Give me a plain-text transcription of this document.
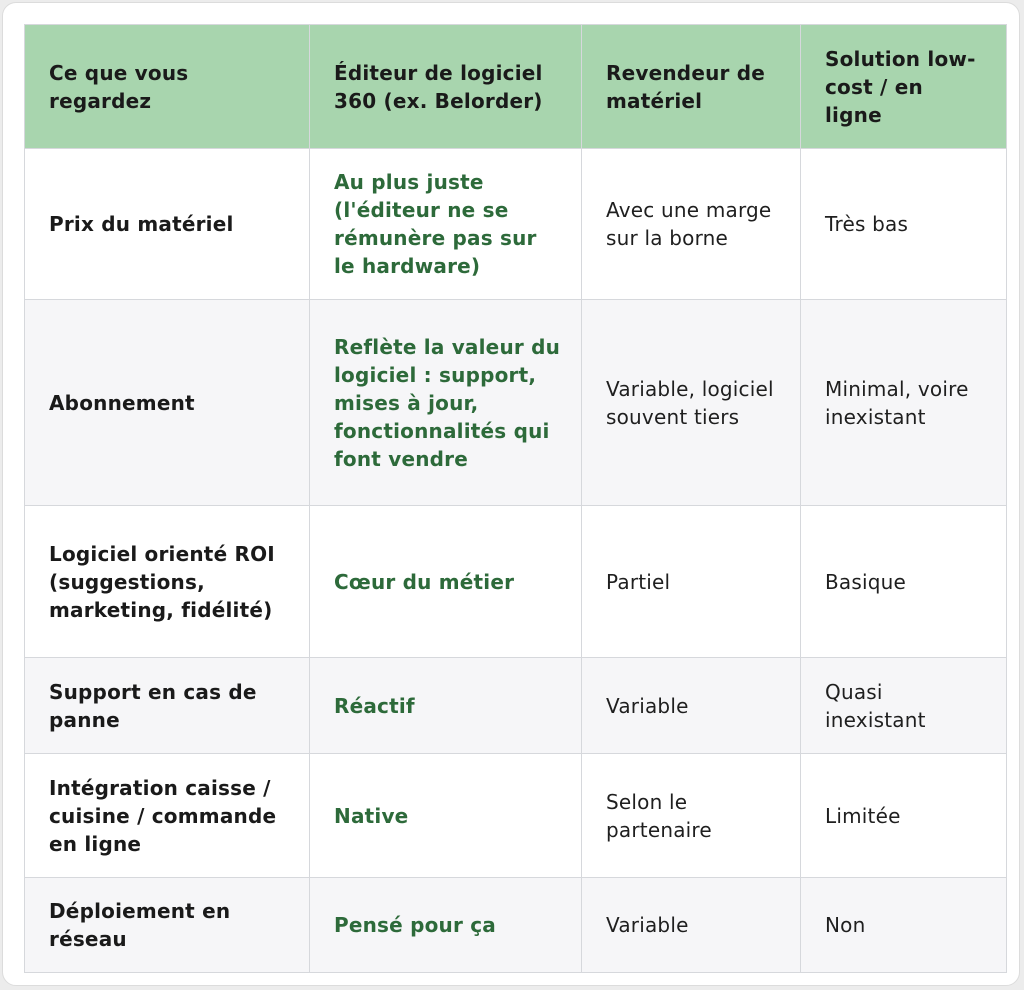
Ce que vous regardez	Éditeur de logiciel 360 (ex. Belorder)	Revendeur de matériel	Solution low-cost / en ligne
Prix du matériel	Au plus juste (l'éditeur ne se rémunère pas sur le hardware)	Avec une marge sur la borne	Très bas
Abonnement	Reflète la valeur du logiciel : support, mises à jour, fonctionnalités qui font vendre	Variable, logiciel souvent tiers	Minimal, voire inexistant
Logiciel orienté ROI (suggestions, marketing, fidélité)	Cœur du métier	Partiel	Basique
Support en cas de panne	Réactif	Variable	Quasi inexistant
Intégration caisse / cuisine / commande en ligne	Native	Selon le partenaire	Limitée
Déploiement en réseau	Pensé pour ça	Variable	Non
